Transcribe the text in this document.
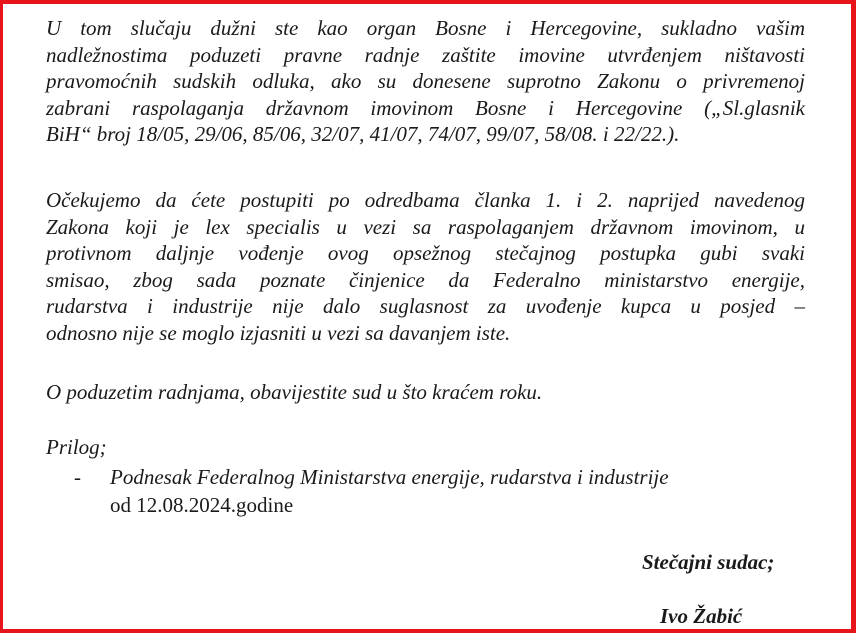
U tom slučaju dužni ste kao organ Bosne i Hercegovine, sukladno vašim
nadležnostima poduzeti pravne radnje zaštite imovine utvrđenjem ništavosti
pravomoćnih sudskih odluka, ako su donesene suprotno Zakonu o privremenoj
zabrani raspolaganja državnom imovinom Bosne i Hercegovine („Sl.glasnik
BiH“ broj 18/05, 29/06, 85/06, 32/07, 41/07, 74/07, 99/07, 58/08. i 22/22.).
Očekujemo da ćete postupiti po odredbama članka 1. i 2. naprijed navedenog
Zakona koji je lex specialis u vezi sa raspolaganjem državnom imovinom, u
protivnom daljnje vođenje ovog opsežnog stečajnog postupka gubi svaki
smisao, zbog sada poznate činjenice da Federalno ministarstvo energije,
rudarstva i industrije nije dalo suglasnost za uvođenje kupca u posjed –
odnosno nije se moglo izjasniti u vezi sa davanjem iste.

O poduzetim radnjama, obavijestite sud u što kraćem roku.

Prilog;
- Podnesak Federalnog Ministarstva energije, rudarstva i industrije
od 12.08.2024.godine
Stečajni sudac;
Ivo Žabić
